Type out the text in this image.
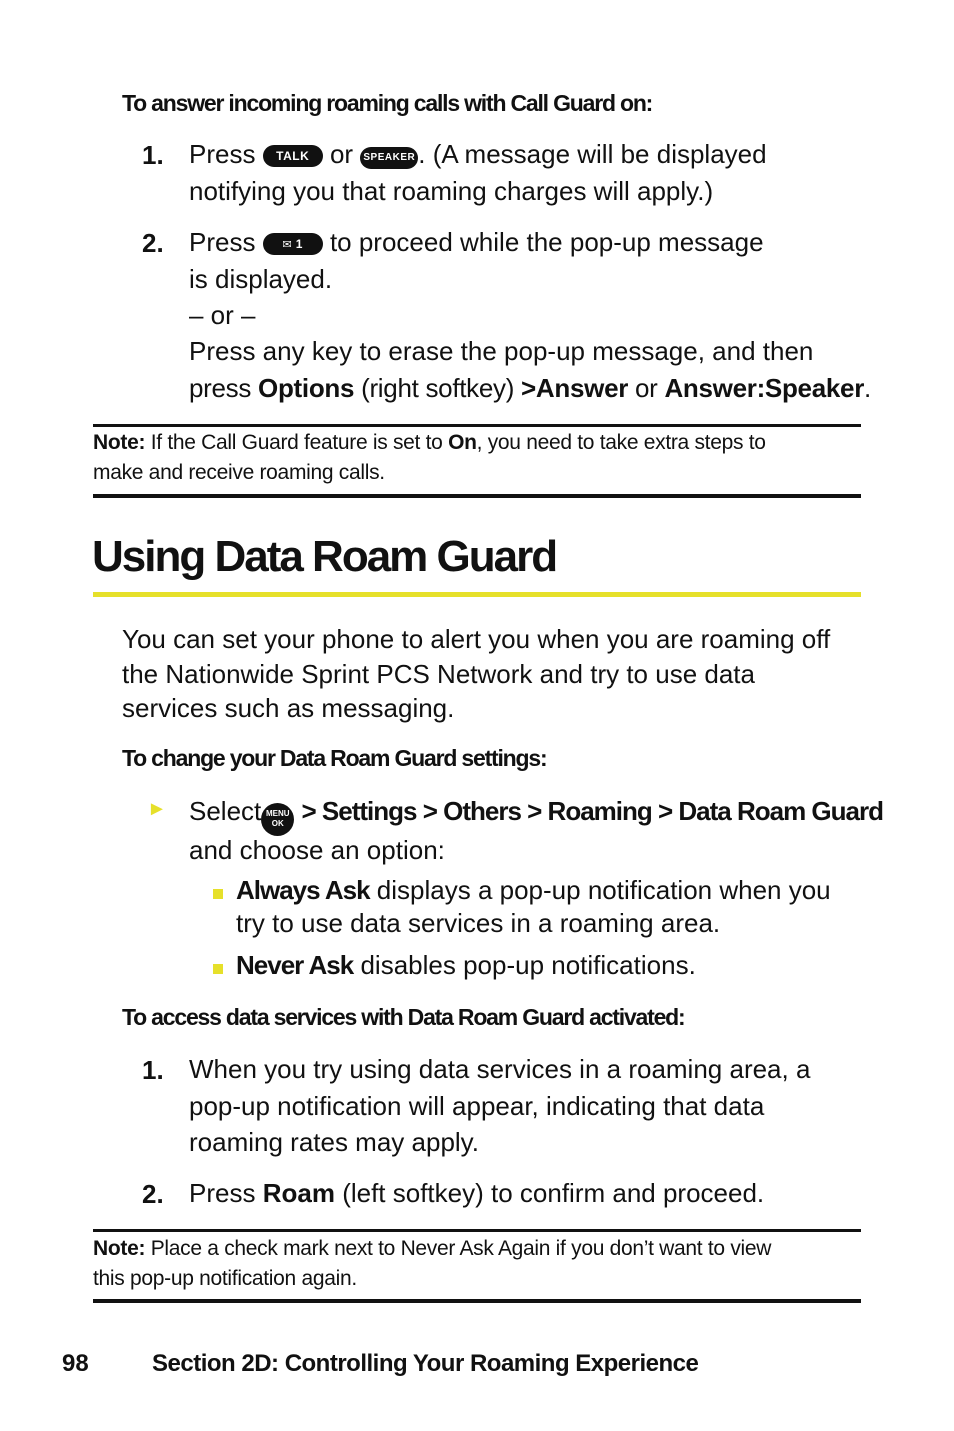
To answer incoming roaming calls with Call Guard on:
1. Press TALK or SPEAKER . (A message will be displayed
notifying you that roaming charges will apply.)
2. Press ✉ 1 to proceed while the pop-up message
is displayed.
– or –
Press any key to erase the pop-up message, and then
press Options (right softkey) >Answer or Answer:Speaker.
Note: If the Call Guard feature is set to On, you need to take extra steps to
make and receive roaming calls.
Using Data Roam Guard
You can set your phone to alert you when you are roaming off the Nationwide Sprint PCS Network and try to use data services such as messaging.
To change your Data Roam Guard settings:
► Select MENU
OK > Settings > Others > Roaming > Data Roam Guard
and choose an option:
Always Ask displays a pop-up notification when you
try to use data services in a roaming area.
Never Ask disables pop-up notifications.
To access data services with Data Roam Guard activated:
1. When you try using data services in a roaming area, a
pop-up notification will appear, indicating that data
roaming rates may apply.
2. Press Roam (left softkey) to confirm and proceed.
Note: Place a check mark next to Never Ask Again if you don’t want to view
this pop-up notification again.
98	Section 2D: Controlling Your Roaming Experience
